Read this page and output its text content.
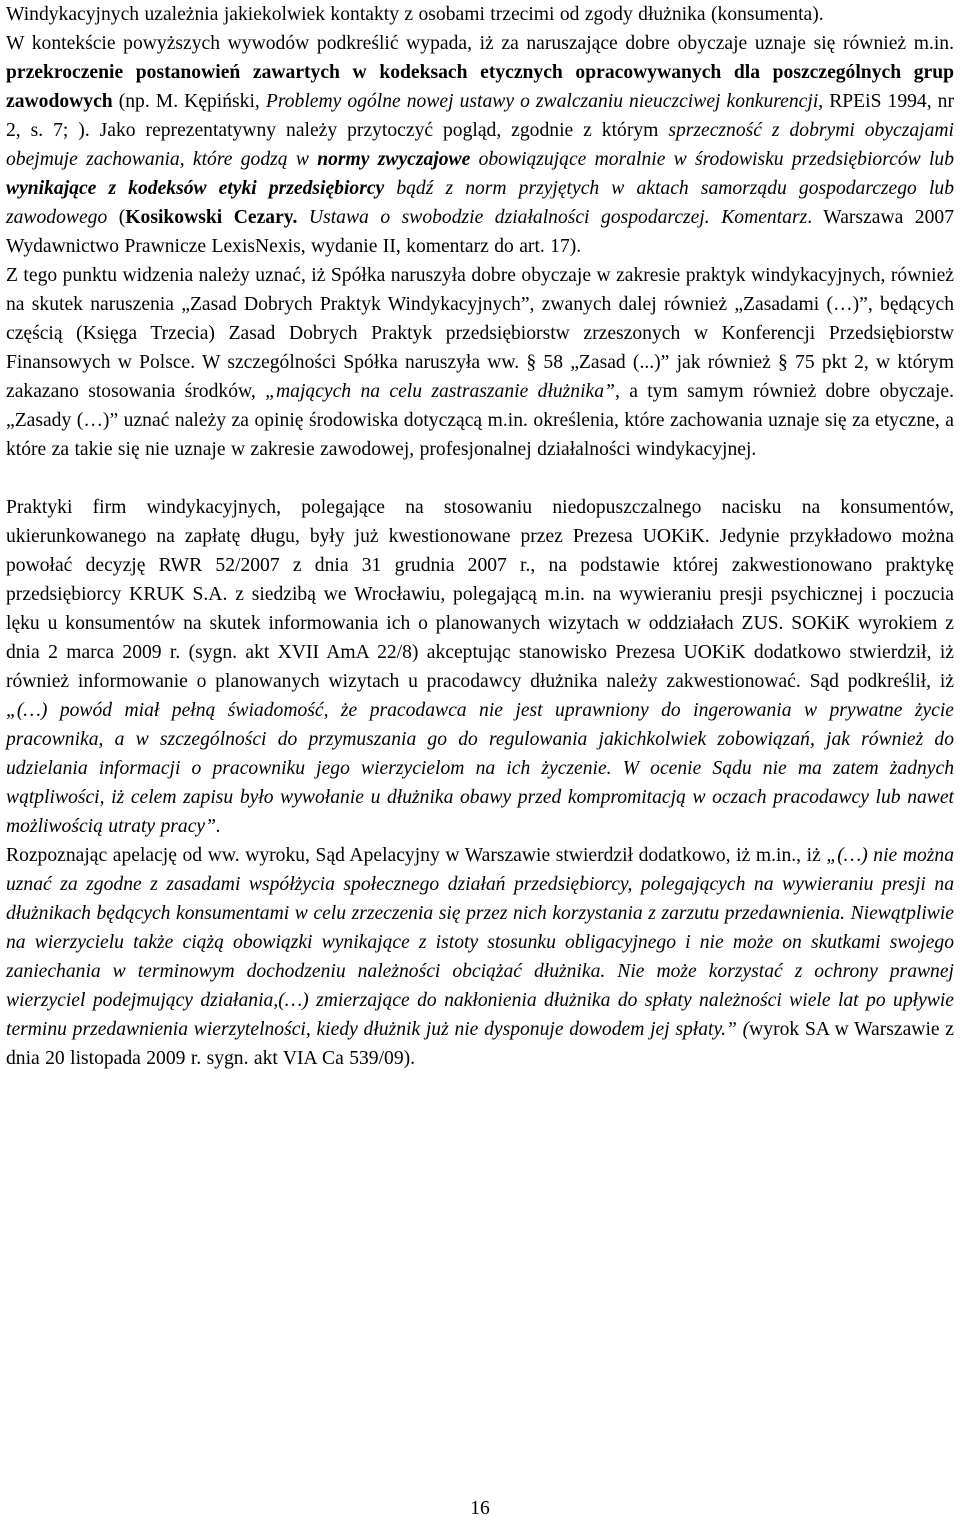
Windykacyjnych uzależnia jakiekolwiek kontakty z osobami trzecimi od zgody dłużnika (konsumenta).

W kontekście powyższych wywodów podkreślić wypada, iż za naruszające dobre obyczaje uznaje się również m.in. przekroczenie postanowień zawartych w kodeksach etycznych opracowywanych dla poszczególnych grup zawodowych (np. M. Kępiński, Problemy ogólne nowej ustawy o zwalczaniu nieuczciwej konkurencji, RPEiS 1994, nr 2, s. 7; ). Jako reprezentatywny należy przytoczyć pogląd, zgodnie z którym sprzeczność z dobrymi obyczajami obejmuje zachowania, które godzą w normy zwyczajowe obowiązujące moralnie w środowisku przedsiębiorców lub wynikające z kodeksów etyki przedsiębiorcy bądź z norm przyjętych w aktach samorządu gospodarczego lub zawodowego (Kosikowski Cezary. Ustawa o swobodzie działalności gospodarczej. Komentarz. Warszawa 2007 Wydawnictwo Prawnicze LexisNexis, wydanie II, komentarz do art. 17).

Z tego punktu widzenia należy uznać, iż Spółka naruszyła dobre obyczaje w zakresie praktyk windykacyjnych, również na skutek naruszenia „Zasad Dobrych Praktyk Windykacyjnych”, zwanych dalej również „Zasadami (…)”, będących częścią (Księga Trzecia) Zasad Dobrych Praktyk przedsiębiorstw zrzeszonych w Konferencji Przedsiębiorstw Finansowych w Polsce. W szczególności Spółka naruszyła ww. § 58 „Zasad (...)” jak również § 75 pkt 2, w którym zakazano stosowania środków, „mających na celu zastraszanie dłużnika”, a tym samym również dobre obyczaje. „Zasady (…)” uznać należy za opinię środowiska dotyczącą m.in. określenia, które zachowania uznaje się za etyczne, a które za takie się nie uznaje w zakresie zawodowej, profesjonalnej działalności windykacyjnej.

Praktyki firm windykacyjnych, polegające na stosowaniu niedopuszczalnego nacisku na konsumentów, ukierunkowanego na zapłatę długu, były już kwestionowane przez Prezesa UOKiK. Jedynie przykładowo można powołać decyzję RWR 52/2007 z dnia 31 grudnia 2007 r., na podstawie której zakwestionowano praktykę przedsiębiorcy KRUK S.A. z siedzibą we Wrocławiu, polegającą m.in. na wywieraniu presji psychicznej i poczucia lęku u konsumentów na skutek informowania ich o planowanych wizytach w oddziałach ZUS. SOKiK wyrokiem z dnia 2 marca 2009 r. (sygn. akt XVII AmA 22/8) akceptując stanowisko Prezesa UOKiK dodatkowo stwierdził, iż również informowanie o planowanych wizytach u pracodawcy dłużnika należy zakwestionować. Sąd podkreślił, iż „(…) powód miał pełną świadomość, że pracodawca nie jest uprawniony do ingerowania w prywatne życie pracownika, a w szczególności do przymuszania go do regulowania jakichkolwiek zobowiązań, jak również do udzielania informacji o pracowniku jego wierzycielom na ich życzenie. W ocenie Sądu nie ma zatem żadnych wątpliwości, iż celem zapisu było wywołanie u dłużnika obawy przed kompromitacją w oczach pracodawcy lub nawet możliwością utraty pracy”.

Rozpoznając apelację od ww. wyroku, Sąd Apelacyjny w Warszawie stwierdził dodatkowo, iż m.in., iż „(…) nie można uznać za zgodne z zasadami współżycia społecznego działań przedsiębiorcy, polegających na wywieraniu presji na dłużnikach będących konsumentami w celu zrzeczenia się przez nich korzystania z zarzutu przedawnienia. Niewątpliwie na wierzycielu także ciążą obowiązki wynikające z istoty stosunku obligacyjnego i nie może on skutkami swojego zaniechania w terminowym dochodzeniu należności obciążać dłużnika. Nie może korzystać z ochrony prawnej wierzyciel podejmujący działania,(…) zmierzające do nakłonienia dłużnika do spłaty należności wiele lat po upływie terminu przedawnienia wierzytelności, kiedy dłużnik już nie dysponuje dowodem jej spłaty.” (wyrok SA w Warszawie z dnia 20 listopada 2009 r. sygn. akt VIA Ca 539/09).

16
